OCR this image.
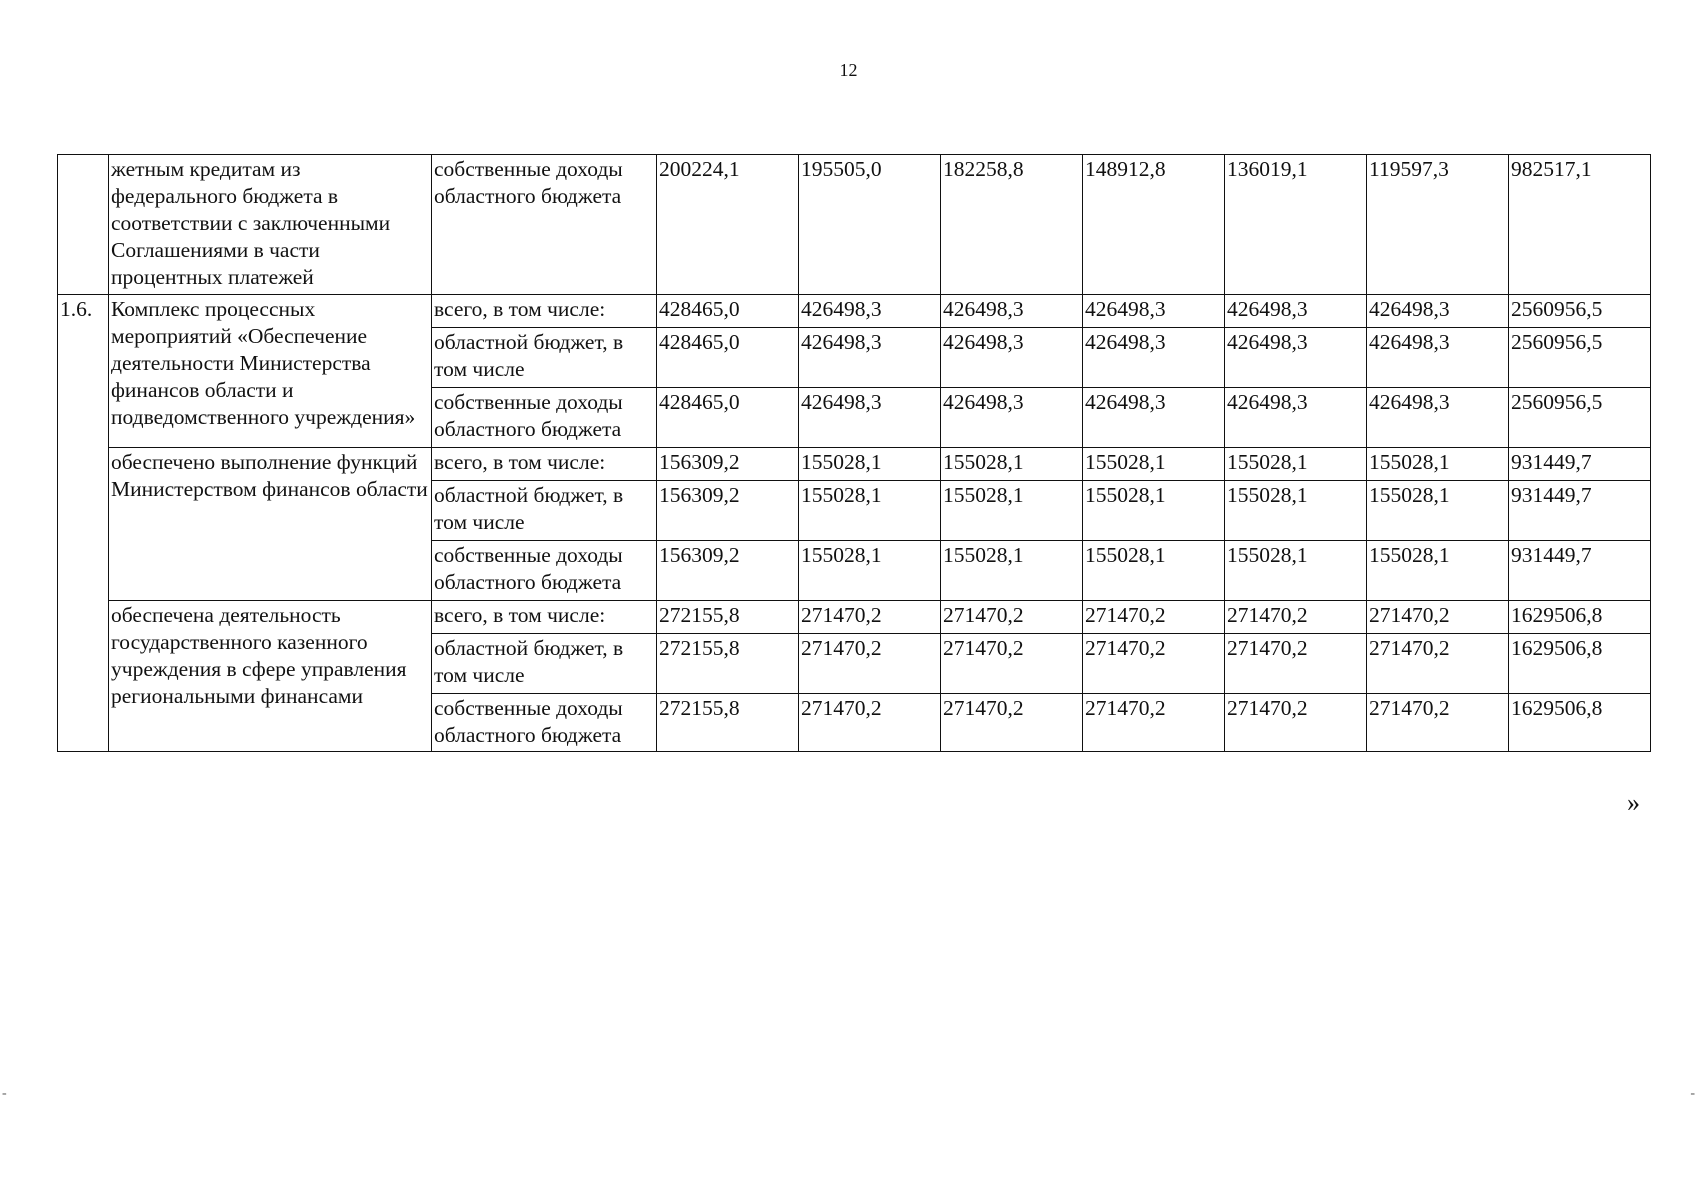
12
	жетным кредитам из федерального бюджета в соответствии с заключенными Соглашениями в части процентных платежей	собственные доходы областного бюджета	200224,1	195505,0	182258,8	148912,8	136019,1	119597,3	982517,1
1.6.	Комплекс процессных мероприятий «Обеспечение деятельности Министерства финансов области и подведомственного учреждения»	всего, в том числе:	428465,0	426498,3	426498,3	426498,3	426498,3	426498,3	2560956,5
		областной бюджет, в том числе	428465,0	426498,3	426498,3	426498,3	426498,3	426498,3	2560956,5
		собственные доходы областного бюджета	428465,0	426498,3	426498,3	426498,3	426498,3	426498,3	2560956,5
	обеспечено выполнение функций Министерством финансов области	всего, в том числе:	156309,2	155028,1	155028,1	155028,1	155028,1	155028,1	931449,7
		областной бюджет, в том числе	156309,2	155028,1	155028,1	155028,1	155028,1	155028,1	931449,7
		собственные доходы областного бюджета	156309,2	155028,1	155028,1	155028,1	155028,1	155028,1	931449,7
	обеспечена деятельность государственного казенного учреждения в сфере управления региональными финансами	всего, в том числе:	272155,8	271470,2	271470,2	271470,2	271470,2	271470,2	1629506,8
		областной бюджет, в том числе	272155,8	271470,2	271470,2	271470,2	271470,2	271470,2	1629506,8
		собственные доходы областного бюджета	272155,8	271470,2	271470,2	271470,2	271470,2	271470,2	1629506,8
»
-	-
